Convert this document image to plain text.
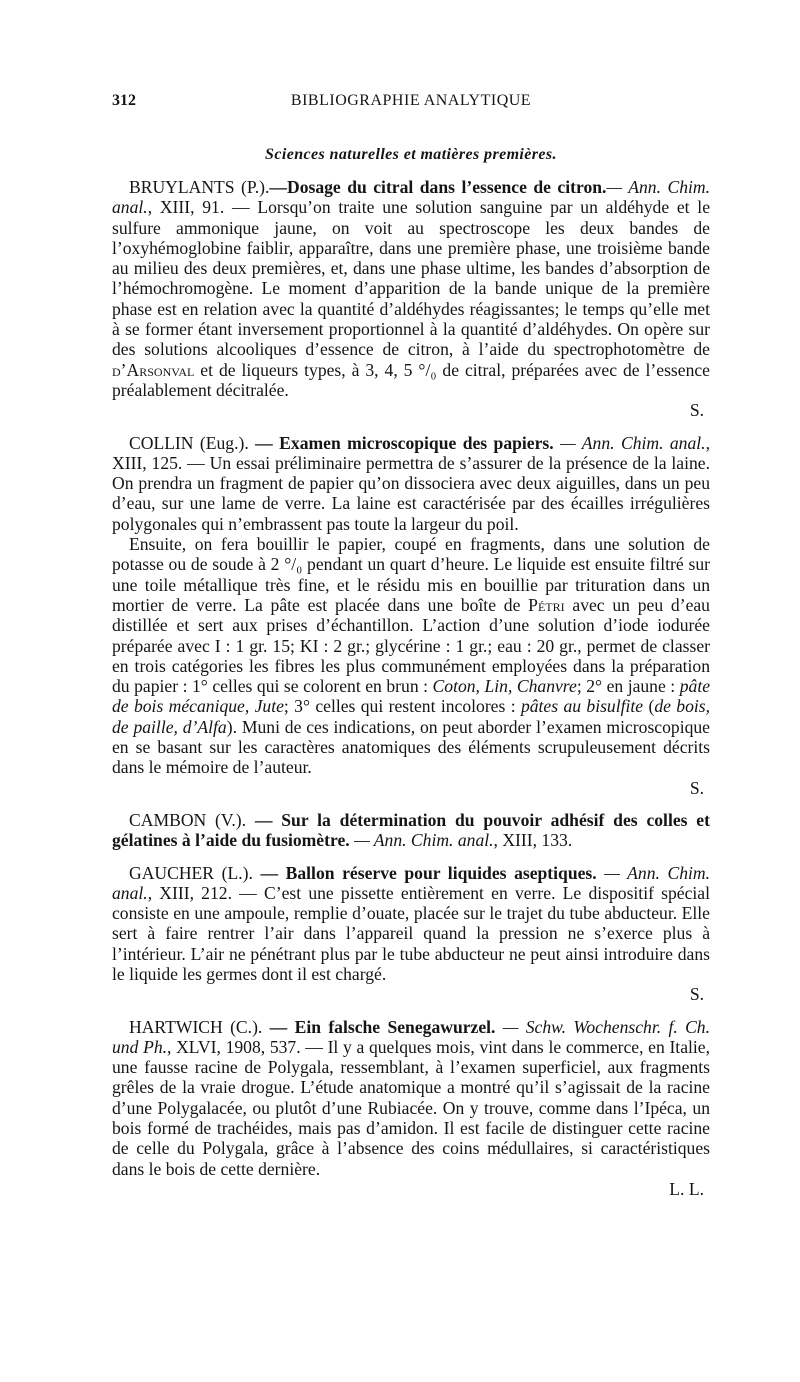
312	BIBLIOGRAPHIE ANALYTIQUE
Sciences naturelles et matières premières.

BRUYLANTS (P.).—Dosage du citral dans l’essence de citron.— Ann. Chim. anal., XIII, 91. — Lorsqu’on traite une solution sanguine par un aldéhyde et le sulfure ammonique jaune, on voit au spectroscope les deux bandes de l’oxyhémoglobine faiblir, apparaître, dans une première phase, une troisième bande au milieu des deux premières, et, dans une phase ultime, les bandes d’absorption de l’hémochromogène. Le moment d’apparition de la bande unique de la première phase est en relation avec la quantité d’aldéhydes réagissantes; le temps qu’elle met à se former étant inversement proportionnel à la quantité d’aldéhydes. On opère sur des solutions alcooliques d’essence de citron, à l’aide du spectrophotomètre de d’Arsonval et de liqueurs types, à 3, 4, 5 °/₀ de citral, préparées avec de l’essence préalablement décitralée.

S.

COLLIN (Eug.). — Examen microscopique des papiers. — Ann. Chim. anal., XIII, 125. — Un essai préliminaire permettra de s’assurer de la présence de la laine. On prendra un fragment de papier qu’on dissociera avec deux aiguilles, dans un peu d’eau, sur une lame de verre. La laine est caractérisée par des écailles irrégulières polygonales qui n’embrassent pas toute la largeur du poil.

Ensuite, on fera bouillir le papier, coupé en fragments, dans une solution de potasse ou de soude à 2 °/₀ pendant un quart d’heure. Le liquide est ensuite filtré sur une toile métallique très fine, et le résidu mis en bouillie par trituration dans un mortier de verre. La pâte est placée dans une boîte de Pétri avec un peu d’eau distillée et sert aux prises d’échantillon. L’action d’une solution d’iode iodurée préparée avec I : 1 gr. 15; KI : 2 gr.; glycérine : 1 gr.; eau : 20 gr., permet de classer en trois catégories les fibres les plus communément employées dans la préparation du papier : 1° celles qui se colorent en brun : Coton, Lin, Chanvre; 2° en jaune : pâte de bois mécanique, Jute; 3° celles qui restent incolores : pâtes au bisulfite (de bois, de paille, d’Alfa). Muni de ces indications, on peut aborder l’examen microscopique en se basant sur les caractères anatomiques des éléments scrupuleusement décrits dans le mémoire de l’auteur.

S.

CAMBON (V.). — Sur la détermination du pouvoir adhésif des colles et gélatines à l’aide du fusiomètre. — Ann. Chim. anal., XIII, 133.

GAUCHER (L.). — Ballon réserve pour liquides aseptiques. — Ann. Chim. anal., XIII, 212. — C’est une pissette entièrement en verre. Le dispositif spécial consiste en une ampoule, remplie d’ouate, placée sur le trajet du tube abducteur. Elle sert à faire rentrer l’air dans l’appareil quand la pression ne s’exerce plus à l’intérieur. L’air ne pénétrant plus par le tube abducteur ne peut ainsi introduire dans le liquide les germes dont il est chargé.

S.

HARTWICH (C.). — Ein falsche Senegawurzel. — Schw. Wochenschr. f. Ch. und Ph., XLVI, 1908, 537. — Il y a quelques mois, vint dans le commerce, en Italie, une fausse racine de Polygala, ressemblant, à l’examen superficiel, aux fragments grêles de la vraie drogue. L’étude anatomique a montré qu’il s’agissait de la racine d’une Polygalacée, ou plutôt d’une Rubiacée. On y trouve, comme dans l’Ipéca, un bois formé de trachéides, mais pas d’amidon. Il est facile de distinguer cette racine de celle du Polygala, grâce à l’absence des coins médullaires, si caractéristiques dans le bois de cette dernière.

L. L.
